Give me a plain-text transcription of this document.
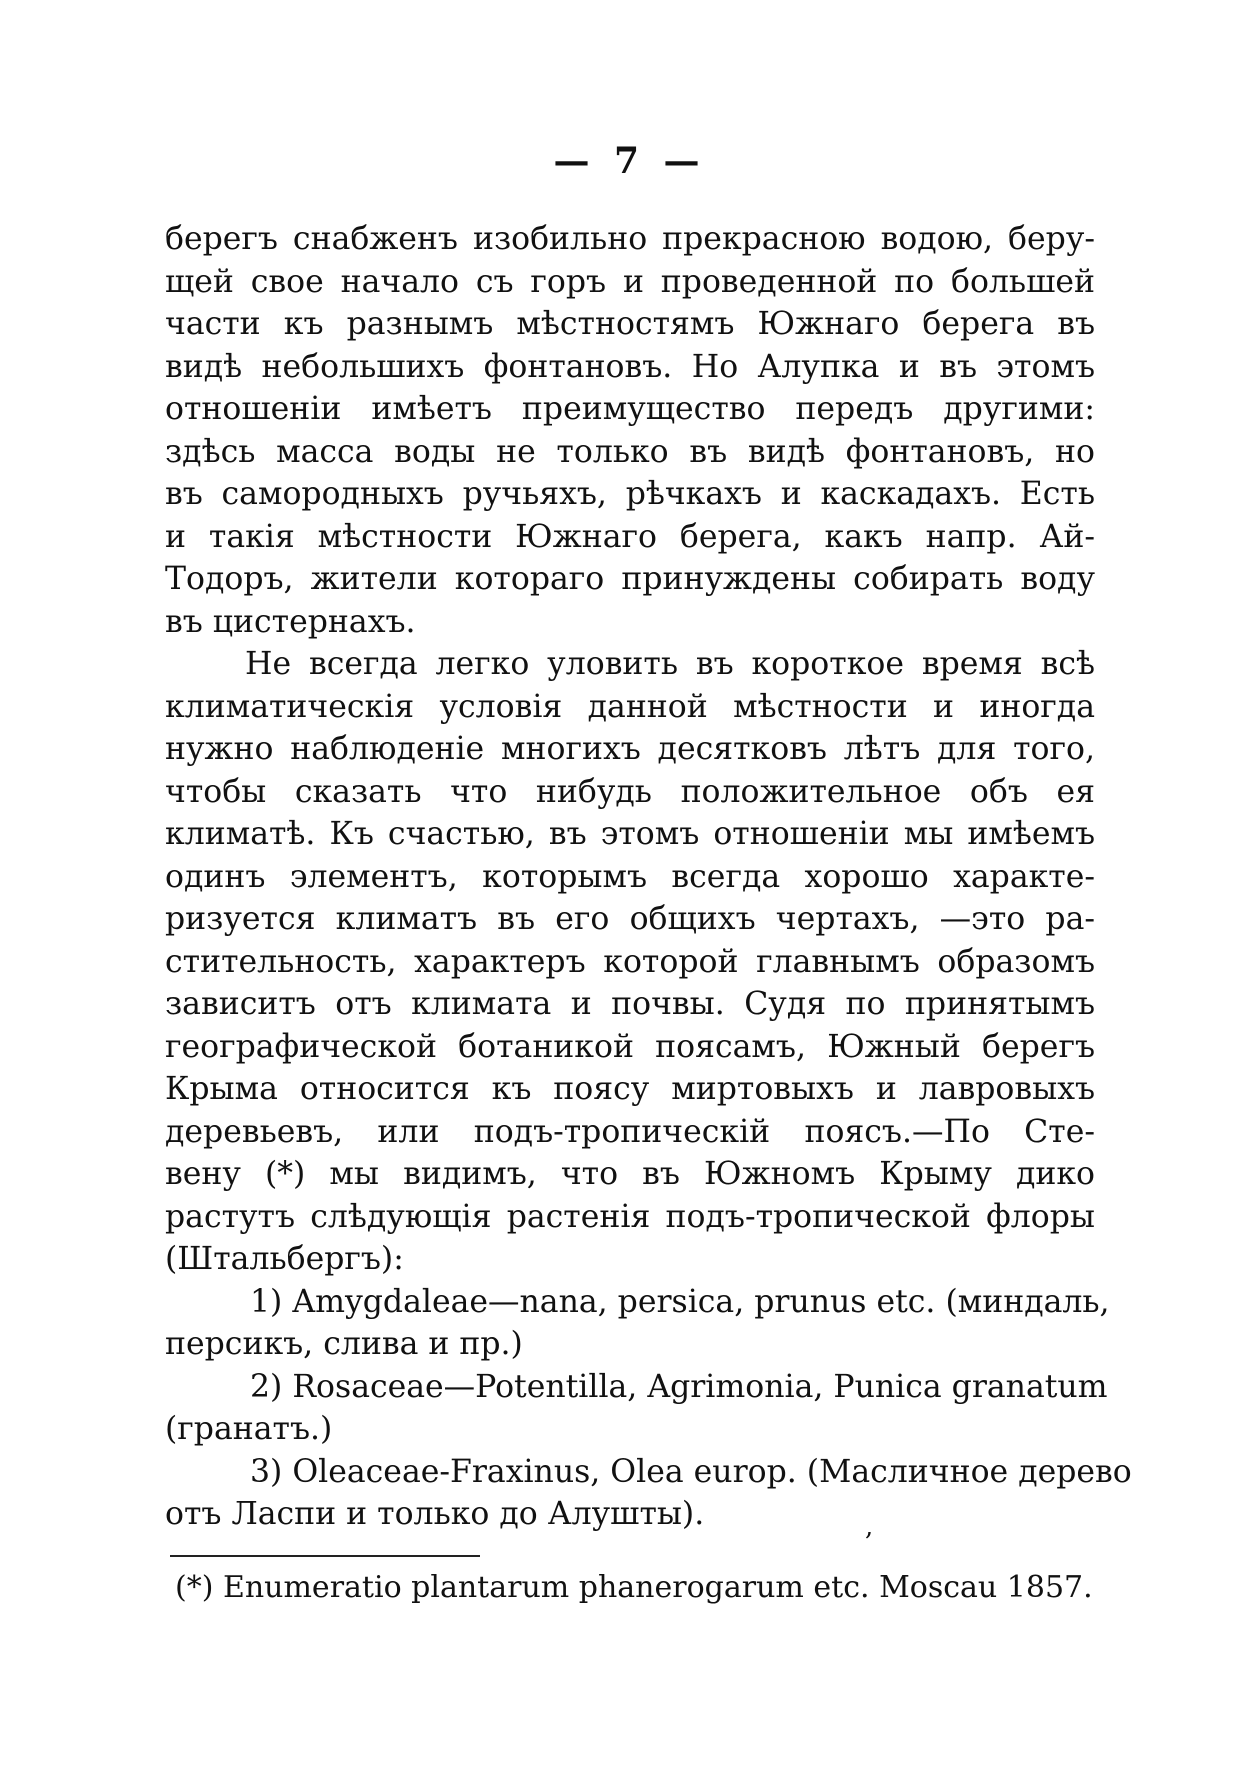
— 7 —
берегъ снабженъ изобильно прекрасною водою, беру-
щей свое начало съ горъ и проведенной по большей
части къ разнымъ мѣстностямъ Южнаго берега въ
видѣ небольшихъ фонтановъ. Но Алупка и въ этомъ
отношеніи имѣетъ преимущество передъ другими:
здѣсь масса воды не только въ видѣ фонтановъ, но
въ самородныхъ ручьяхъ, рѣчкахъ и каскадахъ. Есть
и такія мѣстности Южнаго берега, какъ напр. Ай-
Тодоръ, жители котораго принуждены собирать воду
въ цистернахъ.
Не всегда легко уловить въ короткое время всѣ
климатическія условія данной мѣстности и иногда
нужно наблюденіе многихъ десятковъ лѣтъ для того,
чтобы сказать что нибудь положительное объ ея
климатѣ. Къ счастью, въ этомъ отношеніи мы имѣемъ
одинъ элементъ, которымъ всегда хорошо характе-
ризуется климатъ въ его общихъ чертахъ, —это ра-
стительность, характеръ которой главнымъ образомъ
зависитъ отъ климата и почвы. Судя по принятымъ
географической ботаникой поясамъ, Южный берегъ
Крыма относится къ поясу миртовыхъ и лавровыхъ
деревьевъ, или подъ-тропическій поясъ.—По Сте-
вену (*) мы видимъ, что въ Южномъ Крыму дико
растутъ слѣдующія растенія подъ-тропической флоры
(Штальбергъ):
1) Amygdaleae—nana, persica, prunus etc. (миндаль,
персикъ, слива и пр.)
2) Rosaceae—Potentilla, Agrimonia, Punica granatum
(гранатъ.)
3) Oleaceae-Fraxinus, Olea europ. (Масличное дерево
отъ Ласпи и только до Алушты).	,
(*) Enumeratio plantarum phanerogarum etc. Moscau 1857.
